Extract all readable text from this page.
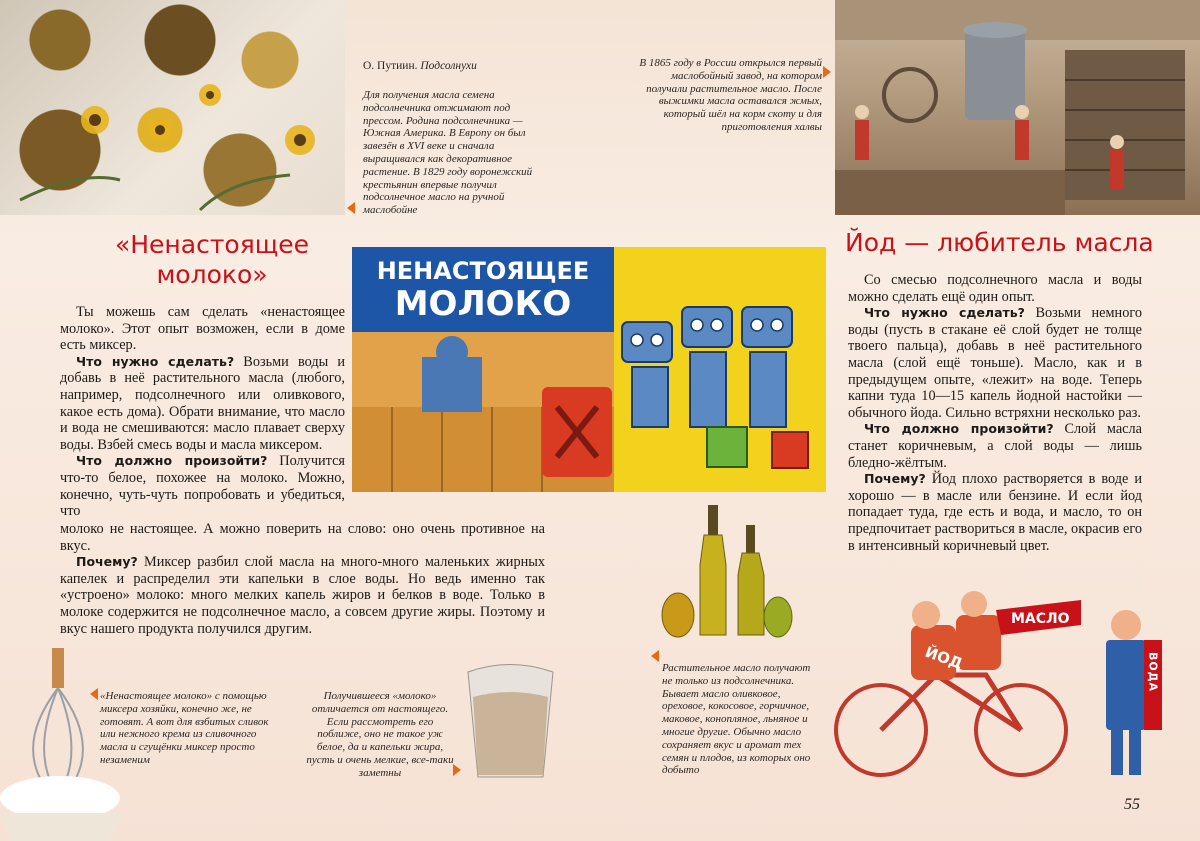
НЕНАСТОЯЩЕЕ
МОЛОКО
ЙОД
МАСЛО
ВОДА

О. Путиин. Подсолнухи

Для получения масла семена подсолнечника отжимают под прессом. Родина подсолнечника — Южная Америка. В Европу он был завезён в XVI веке и сначала выращивался как декоративное растение. В 1829 году воронежский крестьянин впервые получил подсолнечное масло на ручной маслобойне

В 1865 году в России открылся первый маслобойный завод, на котором получали растительное масло. После выжимки масла оставался жмых, который шёл на корм скоту и для приготовления халвы

«Ненастоящее молоко»

Ты можешь сам сделать «ненастоящее молоко». Этот опыт возможен, если в доме есть миксер.

Что нужно сделать? Возьми воды и добавь в неё растительного масла (любого, например, подсолнечного или оливкового, какое есть дома). Обрати внимание, что масло и вода не смешиваются: масло плавает сверху воды. Взбей смесь воды и масла миксером.

Что должно произойти? Получится что-то белое, похожее на молоко. Можно, конечно, чуть-чуть попробовать и убедиться, что

молоко не настоящее. А можно поверить на слово: оно очень противное на вкус.

Почему? Миксер разбил слой масла на много-много маленьких жирных капелек и распределил эти капельки в слое воды. Но ведь именно так «устроено» молоко: много мелких капель жиров и белков в воде. Только в молоке содержится не подсолнечное масло, а совсем другие жиры. Поэтому и вкус нашего продукта получился другим.

Йод — любитель масла

Со смесью подсолнечного масла и воды можно сделать ещё один опыт.

Что нужно сделать? Возьми немного воды (пусть в стакане её слой будет не толще твоего пальца), добавь в неё растительного масла (слой ещё тоньше). Масло, как и в предыдущем опыте, «лежит» на воде. Теперь капни туда 10—15 капель йодной настойки — обычного йода. Сильно встряхни несколько раз.

Что должно произойти? Слой масла станет коричневым, а слой воды — лишь бледно-жёлтым.

Почему? Йод плохо растворяется в воде и хорошо — в масле или бензине. И если йод попадает туда, где есть и вода, и масло, то он предпочитает раствориться в масле, окрасив его в интенсивный коричневый цвет.

«Ненастоящее молоко» с помощью миксера хозяйки, конечно же, не готовят. А вот для взбитых сливок или нежного крема из сливочного масла и сгущёнки миксер просто незаменим

Получившееся «молоко» отличается от настоящего. Если рассмотреть его поближе, оно не такое уж белое, да и капельки жира, пусть и очень мелкие, все-таки заметны

Растительное масло получают не только из подсолнечника. Бывает масло оливковое, ореховое, кокосовое, горчичное, маковое, конопляное, льняное и многие другие. Обычно масло сохраняет вкус и аромат тех семян и плодов, из которых оно добыто

55
